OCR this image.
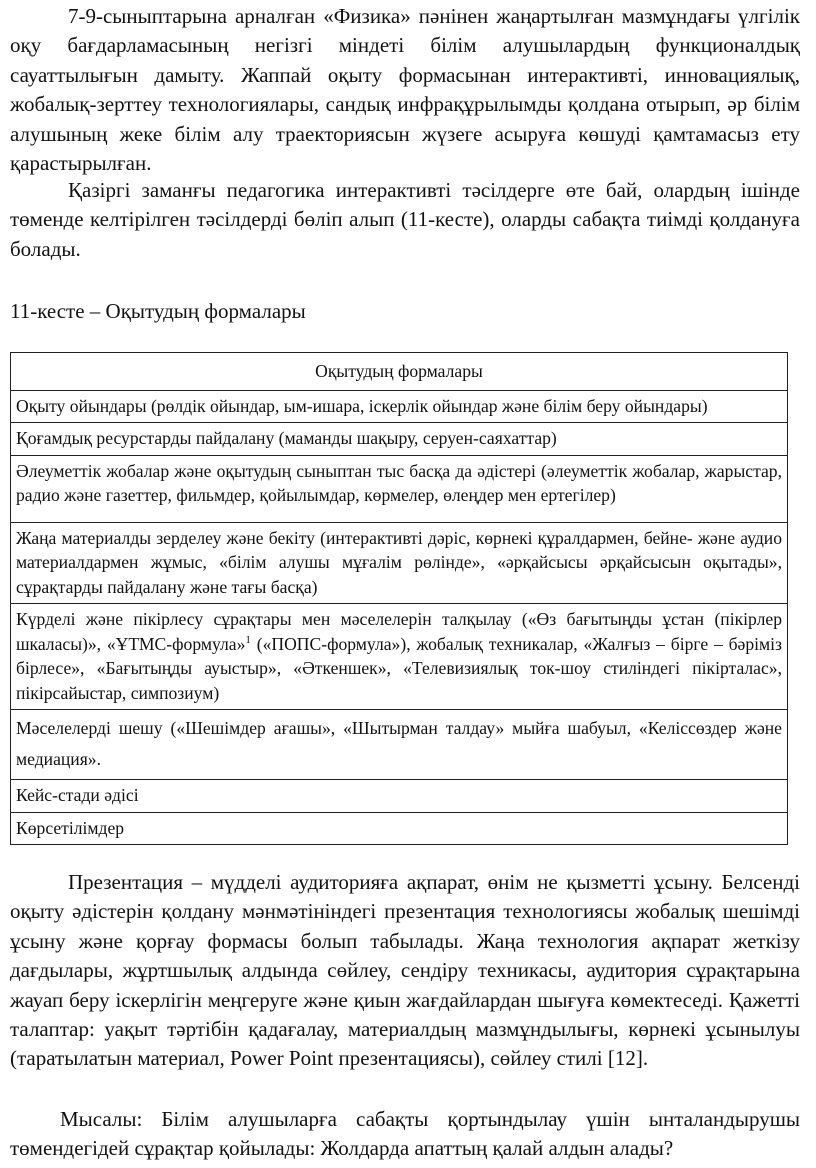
7-9-сыныптарына арналған «Физика» пәнінен жаңартылған мазмұндағы үлгілік оқу бағдарламасының негізгі міндеті білім алушылардың функционалдық сауаттылығын дамыту. Жаппай оқыту формасынан интерактивті, инновациялық, жобалық-зерттеу технологиялары, сандық инфрақұрылымды қолдана отырып, әр білім алушының жеке білім алу траекториясын жүзеге асыруға көшуді қамтамасыз ету қарастырылған.

Қазіргі заманғы педагогика интерактивті тәсілдерге өте бай, олардың ішінде төменде келтірілген тәсілдерді бөліп алып (11-кесте), оларды сабақта тиімді қолдануға болады.

11-кесте – Оқытудың формалары

Оқытудың формалары
Оқыту ойындары (рөлдік ойындар, ым-ишара, іскерлік ойындар және білім беру ойындары)
Қоғамдық ресурстарды пайдалану (маманды шақыру, серуен-саяхаттар)
Әлеуметтік жобалар және оқытудың сыныптан тыс басқа да әдістері (әлеуметтік жобалар, жарыстар, радио және газеттер, фильмдер, қойылымдар, көрмелер, өлеңдер мен ертегілер)
Жаңа материалды зерделеу және бекіту (интерактивті дәріс, көрнекі құралдармен, бейне- және аудио материалдармен жұмыс, «білім алушы мұғалім рөлінде», «әрқайсысы әрқайсысын оқытады», сұрақтарды пайдалану және тағы басқа)
Күрделі және пікірлесу сұрақтары мен мәселелерін талқылау («Өз бағытыңды ұстан (пікірлер шкаласы)», «ҰТМС-формула»$^1$ («ПОПС-формула»), жобалық техникалар, «Жалғыз – бірге – бәріміз бірлесе», «Бағытыңды ауыстыр», «Әткеншек», «Телевизиялық ток-шоу стиліндегі пікірталас», пікірсайыстар, симпозиум)
Мәселелерді шешу («Шешімдер ағашы», «Шытырман талдау» мыйға шабуыл, «Келіссөздер және медиация».
Кейс-стади әдісі
Көрсетілімдер

Презентация – мүдделі аудиторияға ақпарат, өнім не қызметті ұсыну. Белсенді оқыту әдістерін қолдану мәнмәтініндегі презентация технологиясы жобалық шешімді ұсыну және қорғау формасы болып табылады. Жаңа технология ақпарат жеткізу дағдылары, жұртшылық алдында сөйлеу, сендіру техникасы, аудитория сұрақтарына жауап беру іскерлігін меңгеруге және қиын жағдайлардан шығуға көмектеседі. Қажетті талаптар: уақыт тәртібін қадағалау, материалдың мазмұндылығы, көрнекі ұсынылуы (таратылатын материал, Power Point презентациясы), сөйлеу стилі [12].

Мысалы: Білім алушыларға сабақты қортындылау үшін ынталандырушы төмендегідей сұрақтар қойылады: Жолдарда апаттың қалай алдын алады?
